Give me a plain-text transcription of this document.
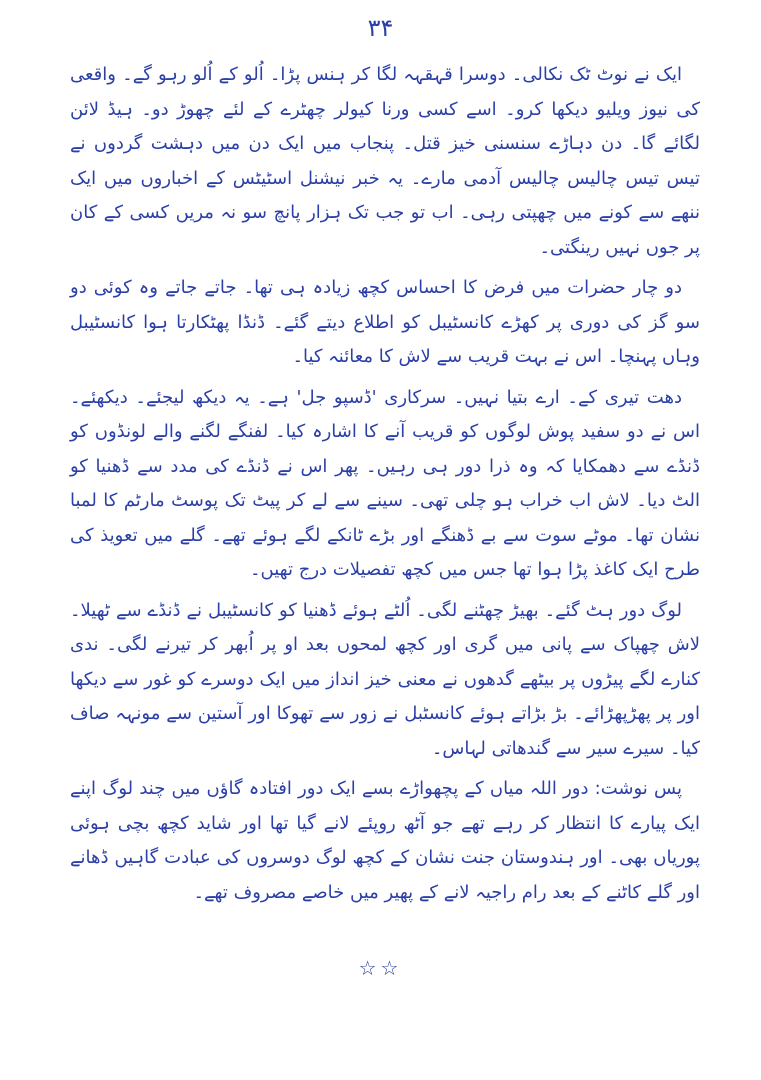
۳۴

ایک نے نوٹ ٹک نکالی۔ دوسرا قہقہہ لگا کر ہنس پڑا۔ اُلو کے اُلو رہو گے۔ واقعی کی نیوز ویلیو دیکھا کرو۔ اسے کسی ورنا کیولر چھٹرے کے لئے چھوڑ دو۔ ہیڈ لائن لگائے گا۔ دن دہاڑے سنسنی خیز قتل۔ پنجاب میں ایک دن میں دہشت گردوں نے تیس تیس چالیس چالیس آدمی مارے۔ یہ خبر نیشنل اسٹیٹس کے اخباروں میں ایک ننھے سے کونے میں چھپتی رہی۔ اب تو جب تک ہزار پانچ سو نہ مریں کسی کے کان پر جوں نہیں رینگتی۔

دو چار حضرات میں فرض کا احساس کچھ زیادہ ہی تھا۔ جاتے جاتے وہ کوئی دو سو گز کی دوری پر کھڑے کانسٹیبل کو اطلاع دیتے گئے۔ ڈنڈا پھٹکارتا ہوا کانسٹیبل وہاں پہنچا۔ اس نے بہت قریب سے لاش کا معائنہ کیا۔

دھت تیری کے۔ ارے بتیا نہیں۔ سرکاری 'ڈسپو جل' ہے۔ یہ دیکھ لیجئے۔ دیکھئے۔ اس نے دو سفید پوش لوگوں کو قریب آنے کا اشارہ کیا۔ لفنگے لگنے والے لونڈوں کو ڈنڈے سے دھمکایا کہ وہ ذرا دور ہی رہیں۔ پھر اس نے ڈنڈے کی مدد سے ڈھنیا کو الٹ دیا۔ لاش اب خراب ہو چلی تھی۔ سینے سے لے کر پیٹ تک پوسٹ مارٹم کا لمبا نشان تھا۔ موٹے سوت سے بے ڈھنگے اور بڑے ٹانکے لگے ہوئے تھے۔ گلے میں تعویذ کی طرح ایک کاغذ پڑا ہوا تھا جس میں کچھ تفصیلات درج تھیں۔

لوگ دور ہٹ گئے۔ بھیڑ چھٹنے لگی۔ اُلٹے ہوئے ڈھنیا کو کانسٹیبل نے ڈنڈے سے ٹھیلا۔ لاش چھپاک سے پانی میں گری اور کچھ لمحوں بعد او پر اُبھر کر تیرنے لگی۔ ندی کنارے لگے پیڑوں پر بیٹھے گدھوں نے معنی خیز انداز میں ایک دوسرے کو غور سے دیکھا اور پر پھڑپھڑائے۔ بڑ بڑاتے ہوئے کانسٹبل نے زور سے تھوکا اور آستین سے مونہہ صاف کیا۔ سیرے سیر سے گندھاتی لہاس۔

پس نوشت: دور اللہ میاں کے پچھواڑے بسے ایک دور افتادہ گاؤں میں چند لوگ اپنے ایک پیارے کا انتظار کر رہے تھے جو آٹھ روپئے لانے گیا تھا اور شاید کچھ بچی ہوئی پوریاں بھی۔ اور ہندوستان جنت نشان کے کچھ لوگ دوسروں کی عبادت گاہیں ڈھانے اور گلے کاٹنے کے بعد رام راجیہ لانے کے پھیر میں خاصے مصروف تھے۔

☆☆
